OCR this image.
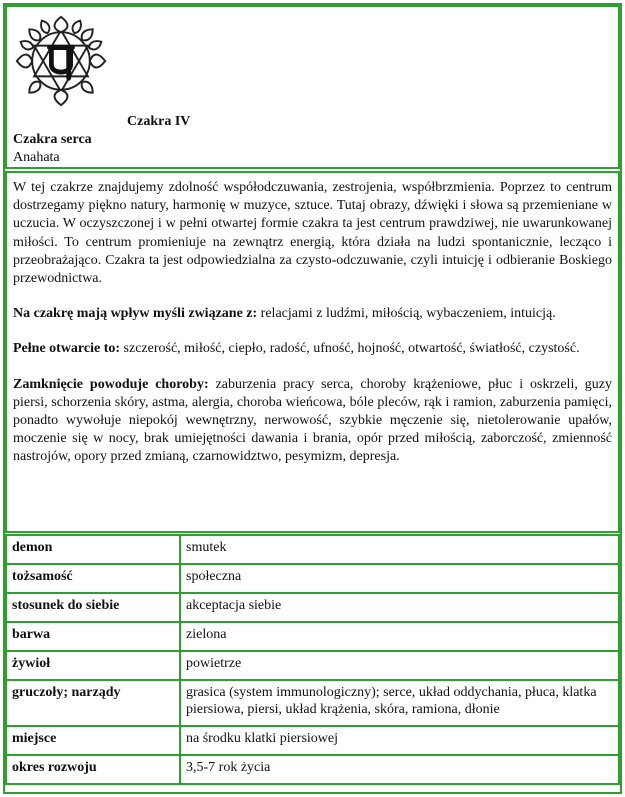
Czakra IV
Czakra serca
Anahata

W tej czakrze znajdujemy zdolność współodczuwania, zestrojenia, współbrzmienia. Poprzez to centrum dostrzegamy piękno natury, harmonię w muzyce, sztuce. Tutaj obrazy, dźwięki i słowa są przemieniane w uczucia. W oczyszczonej i w pełni otwartej formie czakra ta jest centrum prawdziwej, nie uwarunkowanej miłości. To centrum promieniuje na zewnątrz energią, która działa na ludzi spontanicznie, lecząco i przeobrażająco. Czakra ta jest odpowiedzialna za czysto-odczuwanie, czyli intuicję i odbieranie Boskiego przewodnictwa.

Na czakrę mają wpływ myśli związane z: relacjami z ludźmi, miłością, wybaczeniem, intuicją.

Pełne otwarcie to: szczerość, miłość, ciepło, radość, ufność, hojność, otwartość, światłość, czystość.

Zamknięcie powoduje choroby: zaburzenia pracy serca, choroby krążeniowe, płuc i oskrzeli, guzy piersi, schorzenia skóry, astma, alergia, choroba wieńcowa, bóle pleców, rąk i ramion, zaburzenia pamięci, ponadto wywołuje niepokój wewnętrzny, nerwowość, szybkie męczenie się, nietolerowanie upałów, moczenie się w nocy, brak umiejętności dawania i brania, opór przed miłością, zaborczość, zmienność nastrojów, opory przed zmianą, czarnowidztwo, pesymizm, depresja.

demon	smutek
tożsamość	społeczna
stosunek do siebie	akceptacja siebie
barwa	zielona
żywioł	powietrze
gruczoły; narządy	grasica (system immunologiczny); serce, układ oddychania, płuca, klatka piersiowa, piersi, układ krążenia, skóra, ramiona, dłonie
miejsce	na środku klatki piersiowej
okres rozwoju	3,5-7 rok życia
